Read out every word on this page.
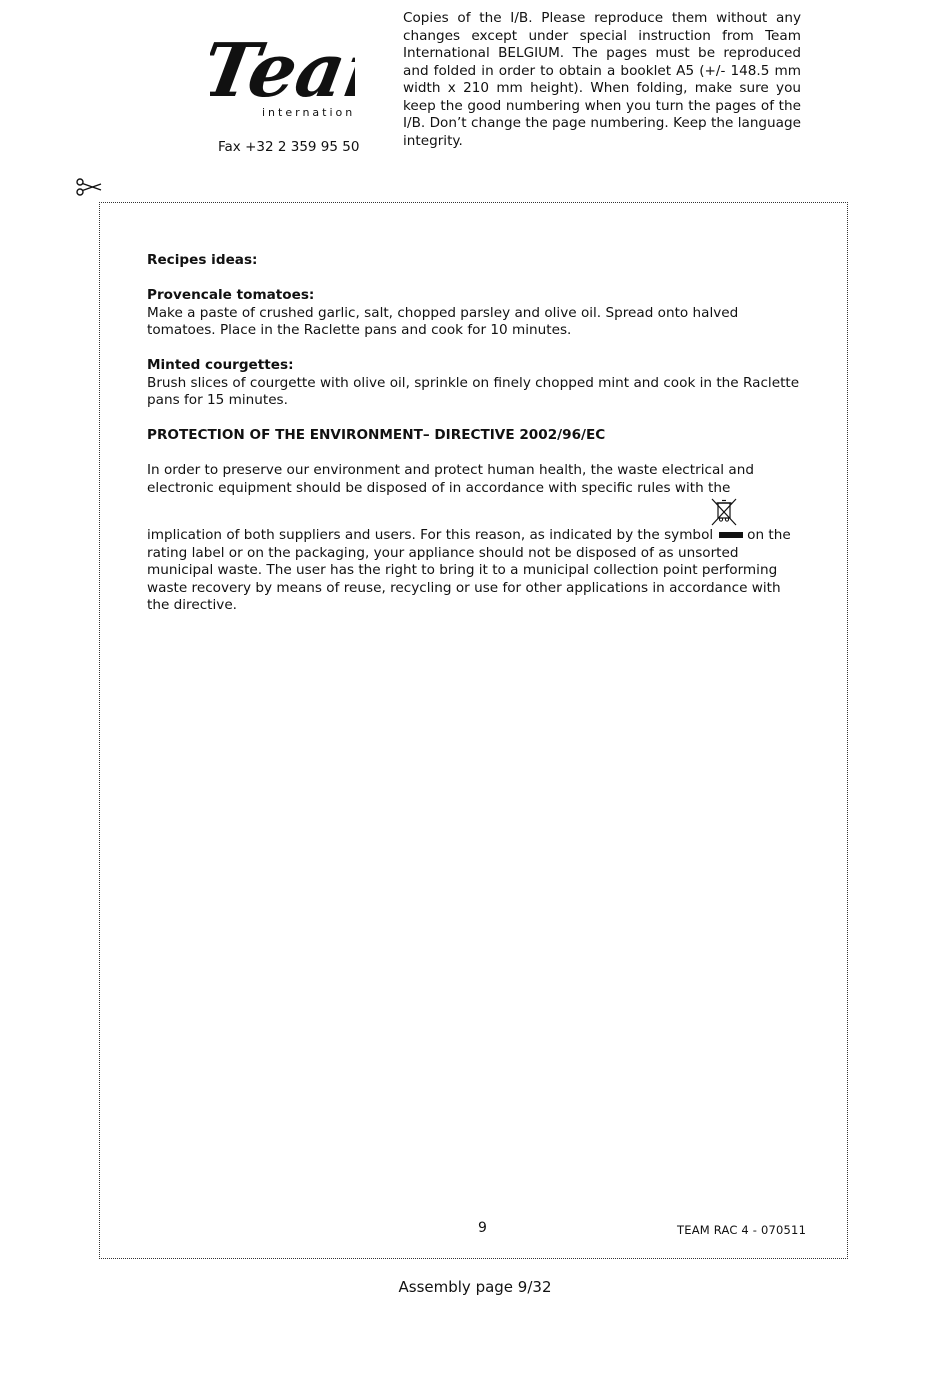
Team
internation
Fax +32 2 359 95 50
Copies of the I/B. Please reproduce them without any changes except under special instruction from Team International BELGIUM. The pages must be reproduced and folded in order to obtain a booklet A5 (+/- 148.5 mm width x 210 mm height). When folding, make sure you keep the good numbering when you turn the pages of the I/B. Don’t change the page numbering. Keep the language integrity.

Recipes ideas:

Provencale tomatoes:

Make a paste of crushed garlic, salt, chopped parsley and olive oil. Spread onto halved tomatoes. Place in the Raclette pans and cook for 10 minutes.

Minted courgettes:

Brush slices of courgette with olive oil, sprinkle on finely chopped mint and cook in the Raclette pans for 15 minutes.

PROTECTION OF THE ENVIRONMENT– DIRECTIVE 2002/96/EC

In order to preserve our environment and protect human health, the waste electrical and electronic equipment should be disposed of in accordance with specific rules with the

implication of both suppliers and users. For this reason, as indicated by the symbol	on the rating label or on the packaging, your appliance should not be disposed of as unsorted municipal waste. The user has the right to bring it to a municipal collection point performing waste recovery by means of reuse, recycling or use for other applications in accordance with the directive.

9	TEAM RAC 4 - 070511
Assembly page 9/32
